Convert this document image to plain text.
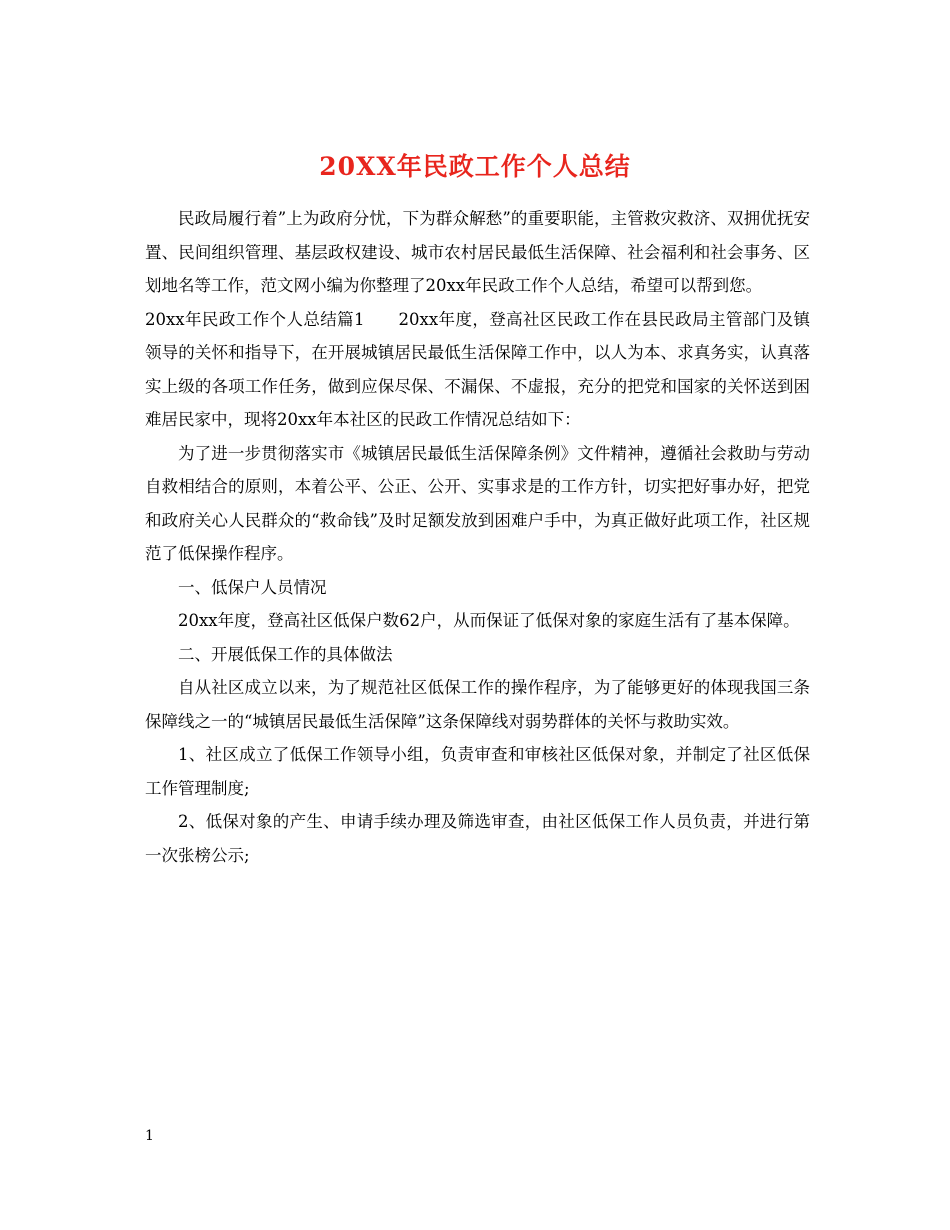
20XX年民政工作个人总结

民政局履行着”上为政府分忧，下为群众解愁”的重要职能，主管救灾救济、双拥优抚安置、民间组织管理、基层政权建设、城市农村居民最低生活保障、社会福利和社会事务、区划地名等工作，范文网小编为你整理了20xx年民政工作个人总结，希望可以帮到您。

20xx年民政工作个人总结篇1 20xx年度，登高社区民政工作在县民政局主管部门及镇领导的关怀和指导下，在开展城镇居民最低生活保障工作中，以人为本、求真务实，认真落实上级的各项工作任务，做到应保尽保、不漏保、不虚报，充分的把党和国家的关怀送到困难居民家中，现将20xx年本社区的民政工作情况总结如下：

为了进一步贯彻落实市《城镇居民最低生活保障条例》文件精神，遵循社会救助与劳动自救相结合的原则，本着公平、公正、公开、实事求是的工作方针，切实把好事办好，把党和政府关心人民群众的“救命钱”及时足额发放到困难户手中，为真正做好此项工作，社区规范了低保操作程序。

一、低保户人员情况

20xx年度，登高社区低保户数62户，从而保证了低保对象的家庭生活有了基本保障。

二、开展低保工作的具体做法

自从社区成立以来，为了规范社区低保工作的操作程序，为了能够更好的体现我国三条保障线之一的“城镇居民最低生活保障”这条保障线对弱势群体的关怀与救助实效。

1、社区成立了低保工作领导小组，负责审查和审核社区低保对象，并制定了社区低保工作管理制度;

2、低保对象的产生、申请手续办理及筛选审查，由社区低保工作人员负责，并进行第一次张榜公示;

1
